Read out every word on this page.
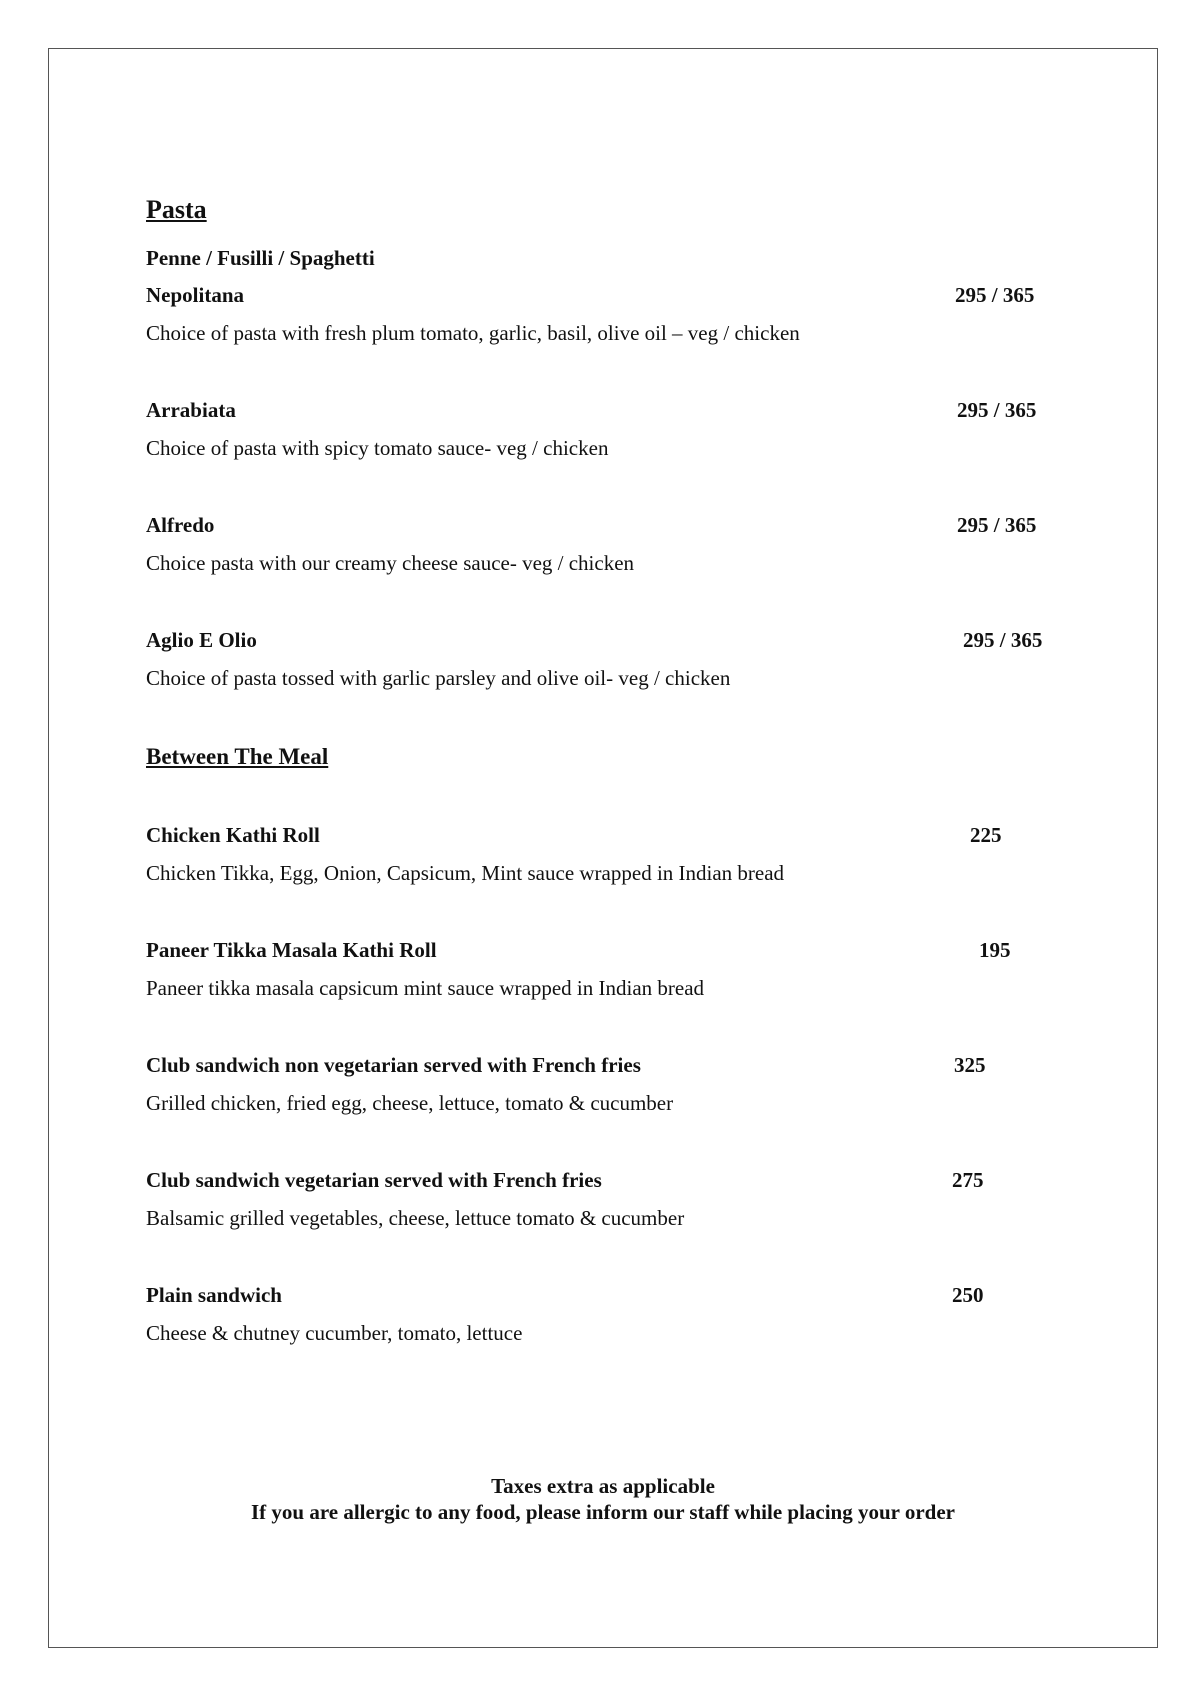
Pasta
Penne / Fusilli / Spaghetti
Nepolitana	295 / 365
Choice of pasta with fresh plum tomato, garlic, basil, olive oil – veg / chicken
Arrabiata	295 / 365
Choice of pasta with spicy tomato sauce- veg / chicken
Alfredo	295 / 365
Choice pasta with our creamy cheese sauce- veg / chicken
Aglio E Olio	295 / 365
Choice of pasta tossed with garlic parsley and olive oil- veg / chicken
Between The Meal
Chicken Kathi Roll	225
Chicken Tikka, Egg, Onion, Capsicum, Mint sauce wrapped in Indian bread
Paneer Tikka Masala Kathi Roll	195
Paneer tikka masala capsicum mint sauce wrapped in Indian bread
Club sandwich non vegetarian served with French fries	325
Grilled chicken, fried egg, cheese, lettuce, tomato & cucumber
Club sandwich vegetarian served with French fries	275
Balsamic grilled vegetables, cheese, lettuce tomato & cucumber
Plain sandwich	250
Cheese & chutney cucumber, tomato, lettuce
Taxes extra as applicable
If you are allergic to any food, please inform our staff while placing your order
